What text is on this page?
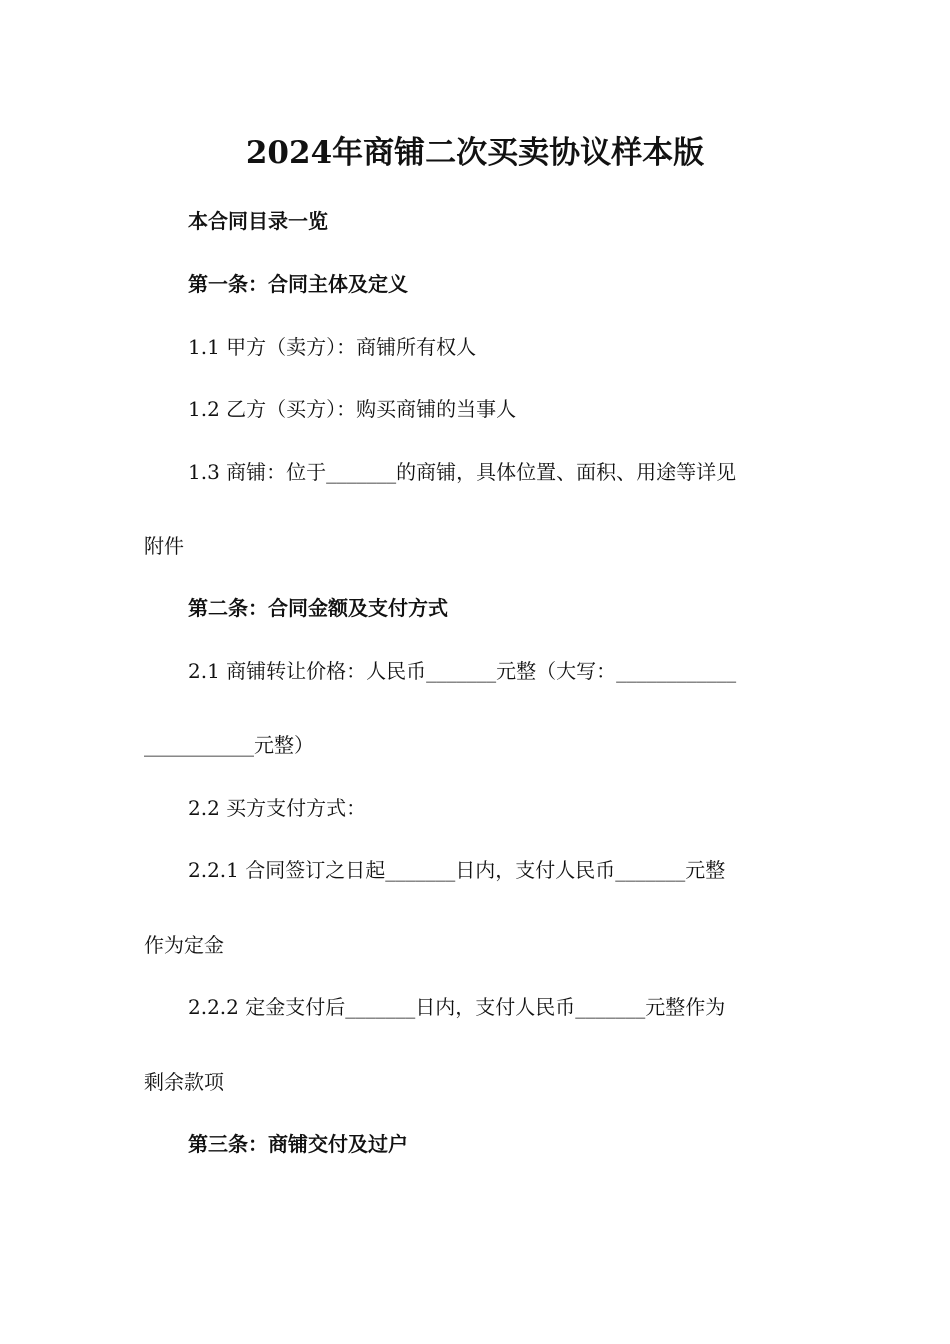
2024年商铺二次买卖协议样本版
本合同目录一览
第一条：合同主体及定义
1.1 甲方（卖方）：商铺所有权人
1.2 乙方（买方）：购买商铺的当事人
1.3 商铺：位于_______的商铺，具体位置、面积、用途等详见
附件
第二条：合同金额及支付方式
2.1 商铺转让价格：人民币_______元整（大写：____________
___________元整）
2.2 买方支付方式：
2.2.1 合同签订之日起_______日内，支付人民币_______元整
作为定金
2.2.2 定金支付后_______日内，支付人民币_______元整作为
剩余款项
第三条：商铺交付及过户
